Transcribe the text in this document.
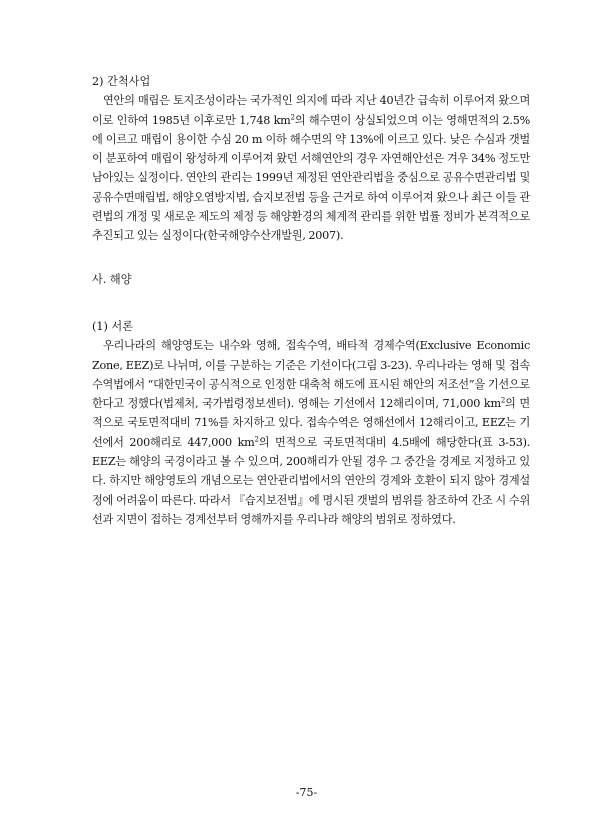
2) 간척사업

연안의 매립은 토지조성이라는 국가적인 의지에 따라 지난 40년간 급속히 이루어져 왔으며 이로 인하여 1985년 이후로만 1,748 $km^2$의 해수면이 상실되었으며 이는 영해면적의 2.5%에 이르고 매립이 용이한 수심 20 m 이하 해수면의 약 13%에 이르고 있다. 낮은 수심과 갯벌이 분포하여 매립이 왕성하게 이루어져 왔던 서해연안의 경우 자연해안선은 겨우 34% 정도만 남아있는 실정이다. 연안의 관리는 1999년 제정된 연안관리법을 중심으로 공유수면관리법 및 공유수면매립법, 해양오염방지법, 습지보전법 등을 근거로 하여 이루어져 왔으나 최근 이들 관련법의 개정 및 새로운 제도의 제정 등 해양환경의 체계적 관리를 위한 법률 정비가 본격적으로 추진되고 있는 실정이다(한국해양수산개발원, 2007).

사. 해양

(1) 서론

우리나라의 해양영토는 내수와 영해, 접속수역, 배타적 경제수역(Exclusive Economic Zone, EEZ)로 나뉘며, 이를 구분하는 기준은 기선이다(그림 3-23). 우리나라는 영해 및 접속수역법에서 “대한민국이 공식적으로 인정한 대축척 해도에 표시된 해안의 저조선”을 기선으로 한다고 정했다(법제처, 국가법령정보센터). 영해는 기선에서 12해리이며, 71,000 $km^2$의 면적으로 국토면적대비 71%를 차지하고 있다. 접속수역은 영해선에서 12해리이고, EEZ는 기선에서 200해리로 447,000 $km^2$의 면적으로 국토면적대비 4.5배에 해당한다(표 3-53). EEZ는 해양의 국경이라고 볼 수 있으며, 200해리가 안될 경우 그 중간을 경계로 지정하고 있다. 하지만 해양영토의 개념으로는 연안관리법에서의 연안의 경계와 호환이 되지 않아 경계설정에 어려움이 따른다. 따라서 『습지보전법』에 명시된 갯벌의 범위를 참조하여 간조 시 수위선과 지면이 접하는 경계선부터 영해까지를 우리나라 해양의 범위로 정하였다.

-75-
